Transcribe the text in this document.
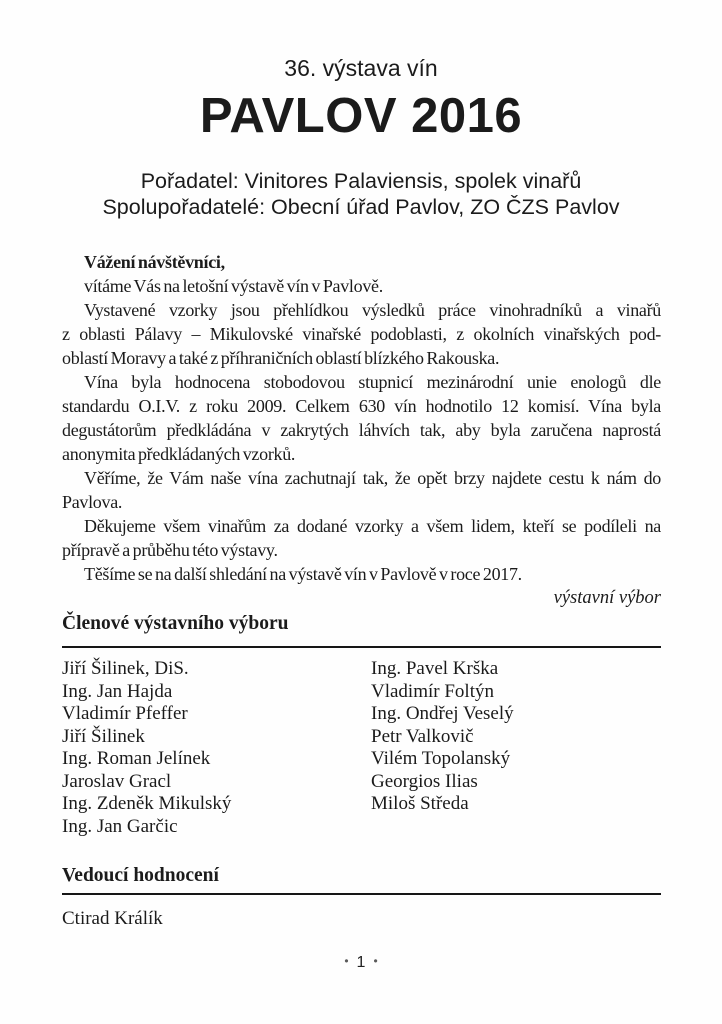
36. výstava vín
PAVLOV 2016
Pořadatel: Vinitores Palaviensis, spolek vinařů
Spolupořadatelé: Obecní úřad Pavlov, ZO ČZS Pavlov
Vážení návštěvníci,
vítáme Vás na letošní výstavě vín v Pavlově.
Vystavené vzorky jsou přehlídkou výsledků práce vinohradníků a vinařů
z oblasti Pálavy – Mikulovské vinařské podoblasti, z okolních vinařských pod-
oblastí Moravy a také z příhraničních oblastí blízkého Rakouska.
Vína byla hodnocena stobodovou stupnicí mezinárodní unie enologů dle
standardu O.I.V. z roku 2009. Celkem 630 vín hodnotilo 12 komisí. Vína byla
degustátorům předkládána v zakrytých láhvích tak, aby byla zaručena naprostá
anonymita předkládaných vzorků.
Věříme, že Vám naše vína zachutnají tak, že opět brzy najdete cestu k nám do
Pavlova.
Děkujeme všem vinařům za dodané vzorky a všem lidem, kteří se podíleli na
přípravě a průběhu této výstavy.
Těšíme se na další shledání na výstavě vín v Pavlově v roce 2017.
výstavní výbor
Členové výstavního výboru
Jiří Šilinek, DiS.
Ing. Jan Hajda
Vladimír Pfeffer
Jiří Šilinek
Ing. Roman Jelínek
Jaroslav Gracl
Ing. Zdeněk Mikulský
Ing. Jan Garčic
Ing. Pavel Krška
Vladimír Foltýn
Ing. Ondřej Veselý
Petr Valkovič
Vilém Topolanský
Georgios Ilias
Miloš Středa
Vedoucí hodnocení
Ctirad Králík
• 1 •
